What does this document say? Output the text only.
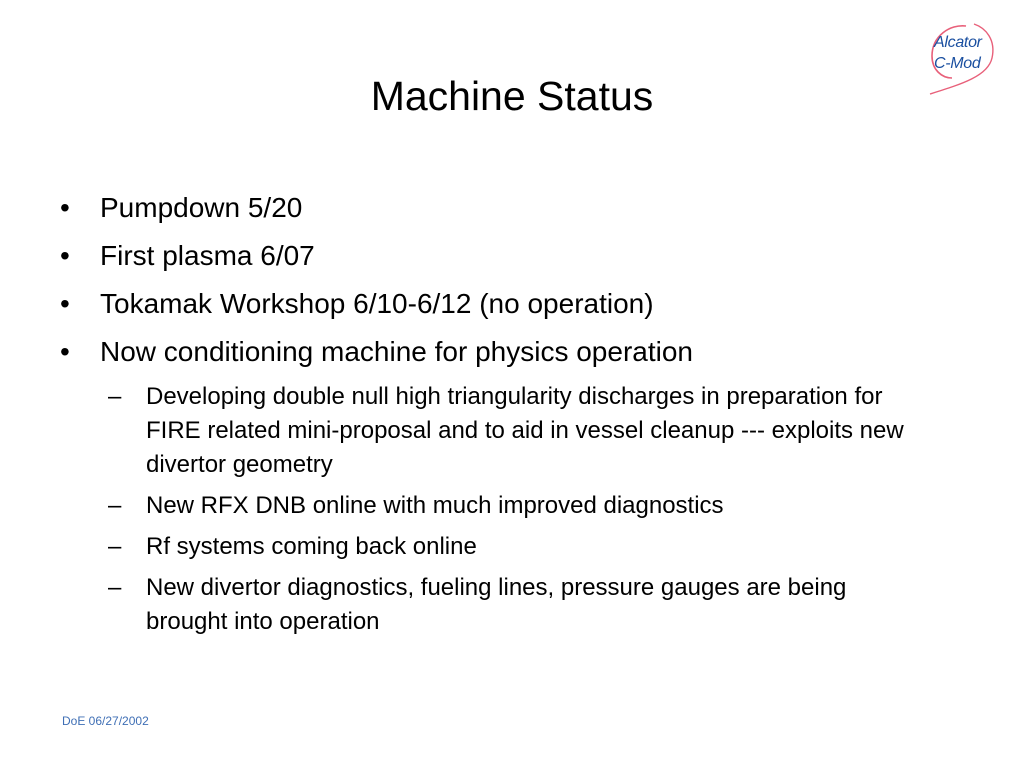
Machine Status
Alcator
C-Mod
•	Pumpdown 5/20
•	First plasma 6/07
•	Tokamak Workshop 6/10-6/12 (no operation)
•	Now conditioning machine for physics operation
– Developing double null high triangularity discharges in preparation for FIRE related mini-proposal and to aid in vessel cleanup --- exploits new divertor geometry
– New RFX DNB online with much improved diagnostics
– Rf systems coming back online
– New divertor diagnostics, fueling lines, pressure gauges are being brought into operation
DoE 06/27/2002
